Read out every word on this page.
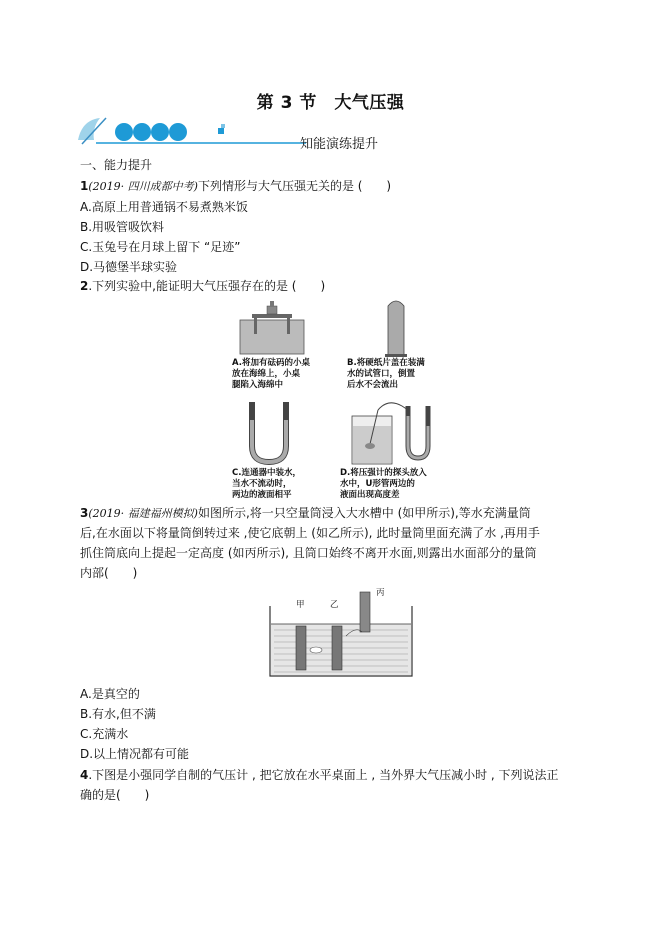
第 3 节　大气压强
知能演练提升
一、能力提升
1(2019· 四川成都中考)下列情形与大气压强无关的是 (　　)
A.高原上用普通锅不易煮熟米饭
B.用吸管吸饮料
C.玉兔号在月球上留下 “足迹”
D.马德堡半球实验
2.下列实验中,能证明大气压强存在的是 (　　)
A.将加有砝码的小桌
放在海绵上，小桌
腿陷入海绵中
B.将硬纸片盖在装满
水的试管口，倒置
后水不会流出
C.连通器中装水，
当水不流动时，
两边的液面相平
D.将压强计的探头放入
水中，U形管两边的
液面出现高度差
3(2019· 福建福州模拟)如图所示,将一只空量筒浸入大水槽中 (如甲所示),等水充满量筒
后,在水面以下将量筒倒转过来 ,使它底朝上 (如乙所示), 此时量筒里面充满了水 ,再用手
抓住筒底向上提起一定高度 (如丙所示), 且筒口始终不离开水面,则露出水面部分的量筒
内部(　　)
甲	乙
丙
A.是真空的
B.有水,但不满
C.充满水
D.以上情况都有可能
4.下图是小强同学自制的气压计 , 把它放在水平桌面上 , 当外界大气压减小时 , 下列说法正
确的是(　　)
